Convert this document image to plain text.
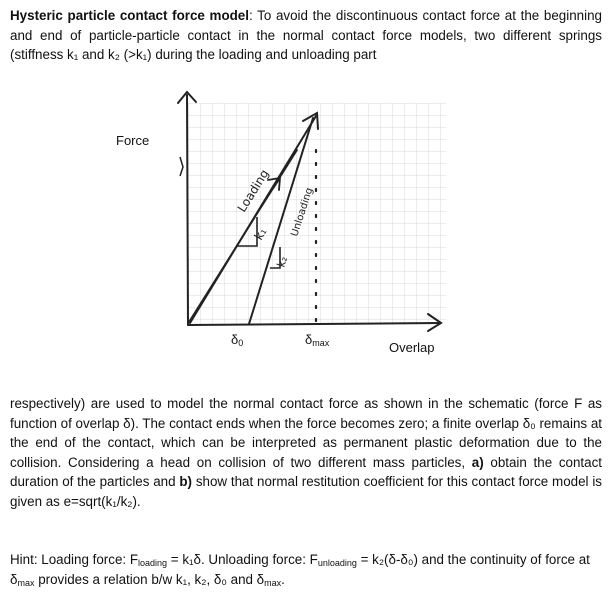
Hysteric particle contact force model: To avoid the discontinuous contact force at the beginning and end of particle-particle contact in the normal contact force models, two different springs (stiffness k₁ and k₂ (>k₁) during the loading and unloading part
Loading Unloading
k₁
k₂
Force
$\delta_0$	$\delta_{max}$	Overlap
respectively) are used to model the normal contact force as shown in the schematic (force F as function of overlap δ). The contact ends when the force becomes zero; a finite overlap δ₀ remains at the end of the contact, which can be interpreted as permanent plastic deformation due to the collision. Considering a head on collision of two different mass particles, a) obtain the contact duration of the particles and b) show that normal restitution coefficient for this contact force model is given as e=sqrt(k₁/k₂).
Hint: Loading force: $F_{loading} = k_1\delta$. Unloading force: $F_{unloading} = k_2(\delta-\delta_0)$ and the continuity of force at $\delta_{max}$ provides a relation b/w k₁, k₂, δ₀ and $\delta_{max}$.
